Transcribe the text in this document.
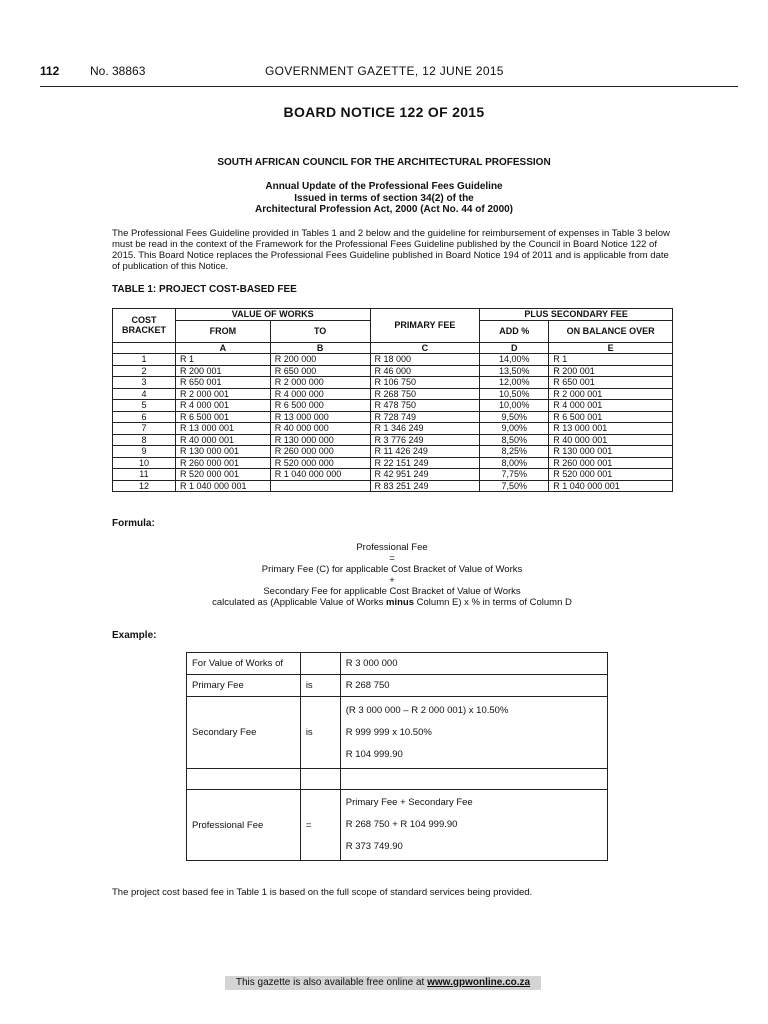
112	No. 38863	GOVERNMENT GAZETTE, 12 JUNE 2015
BOARD NOTICE 122 OF 2015
SOUTH AFRICAN COUNCIL FOR THE ARCHITECTURAL PROFESSION
Annual Update of the Professional Fees Guideline
Issued in terms of section 34(2) of the
Architectural Profession Act, 2000 (Act No. 44 of 2000)
The Professional Fees Guideline provided in Tables 1 and 2 below and the guideline for reimbursement of expenses in Table 3 below must be read in the context of the Framework for the Professional Fees Guideline published by the Council in Board Notice 122 of 2015. This Board Notice replaces the Professional Fees Guideline published in Board Notice 194 of 2011 and is applicable from date of publication of this Notice.
TABLE 1: PROJECT COST-BASED FEE
COST BRACKET	VALUE OF WORKS		PRIMARY FEE	PLUS SECONDARY FEE	
	FROM	TO		ADD %	ON BALANCE OVER
	A	B	C	D	E
1	R 1	R 200 000	R 18 000	14,00%	R 1
2	R 200 001	R 650 000	R 46 000	13,50%	R 200 001
3	R 650 001	R 2 000 000	R 106 750	12,00%	R 650 001
4	R 2 000 001	R 4 000 000	R 268 750	10,50%	R 2 000 001
5	R 4 000 001	R 6 500 000	R 478 750	10,00%	R 4 000 001
6	R 6 500 001	R 13 000 000	R 728 749	9,50%	R 6 500 001
7	R 13 000 001	R 40 000 000	R 1 346 249	9,00%	R 13 000 001
8	R 40 000 001	R 130 000 000	R 3 776 249	8,50%	R 40 000 001
9	R 130 000 001	R 260 000 000	R 11 426 249	8,25%	R 130 000 001
10	R 260 000 001	R 520 000 000	R 22 151 249	8,00%	R 260 000 001
11	R 520 000 001	R 1 040 000 000	R 42 951 249	7,75%	R 520 000 001
12	R 1 040 000 001		R 83 251 249	7,50%	R 1 040 000 001
Formula:
Professional Fee
=
Primary Fee (C) for applicable Cost Bracket of Value of Works
+
Secondary Fee for applicable Cost Bracket of Value of Works
calculated as (Applicable Value of Works minus Column E) x % in terms of Column D
Example:
For Value of Works of		R 3 000 000
Primary Fee	is	R 268 750
Secondary Fee	is	(R 3 000 000 – R 2 000 001) x 10.50%
R 999 999 x 10.50%
R 104 999.90

Professional Fee	=	Primary Fee + Secondary Fee
R 268 750 + R 104 999.90
R 373 749.90
The project cost based fee in Table 1 is based on the full scope of standard services being provided.
This gazette is also available free online at www.gpwonline.co.za
